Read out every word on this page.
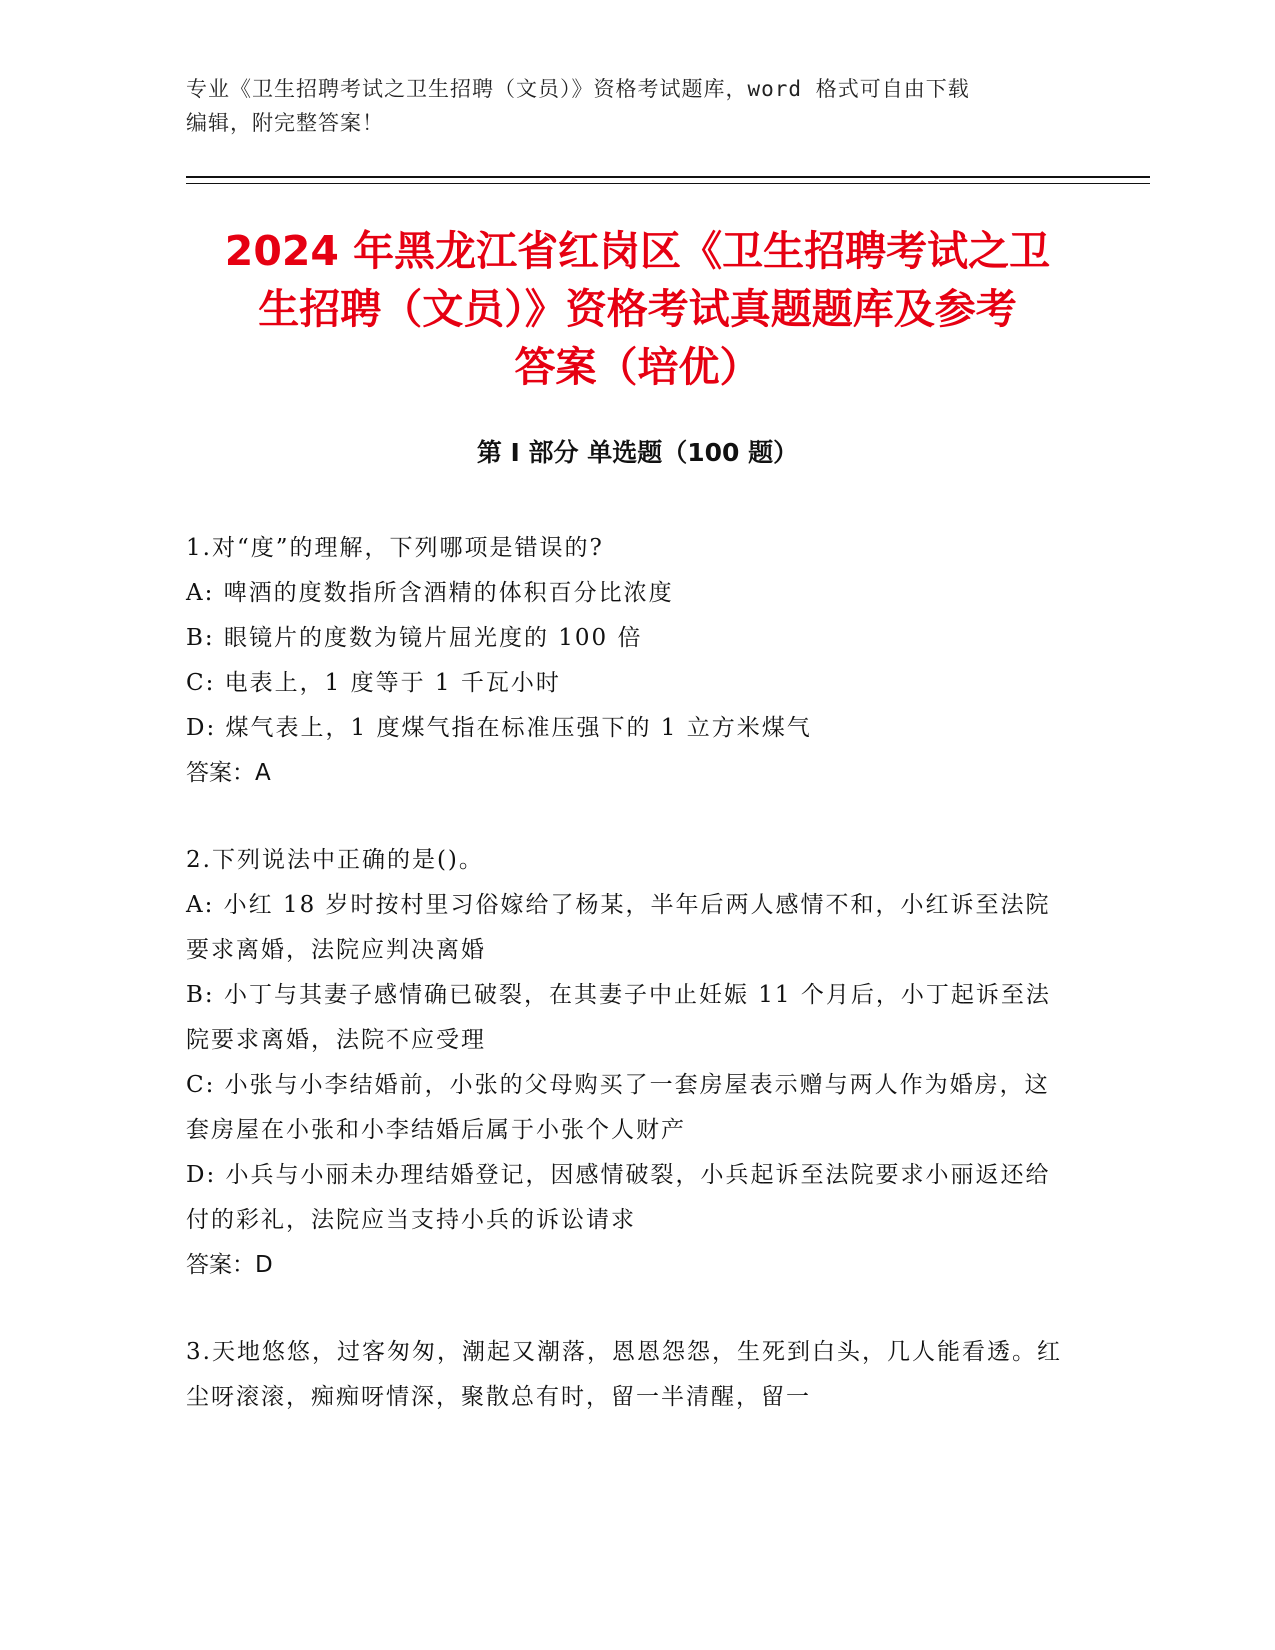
专业《卫生招聘考试之卫生招聘（文员）》资格考试题库，word 格式可自由下载
编辑，附完整答案！
2024 年黑龙江省红岗区《卫生招聘考试之卫
生招聘（文员）》资格考试真题题库及参考
答案（培优）
第 I 部分 单选题（100 题）
1.对“度”的理解，下列哪项是错误的?
A: 啤酒的度数指所含酒精的体积百分比浓度
B: 眼镜片的度数为镜片屈光度的 100 倍
C: 电表上，1 度等于 1 千瓦小时
D: 煤气表上，1 度煤气指在标准压强下的 1 立方米煤气
答案：A
2.下列说法中正确的是()。
A: 小红 18 岁时按村里习俗嫁给了杨某，半年后两人感情不和，小红诉至法院要求离婚，法院应判决离婚
B: 小丁与其妻子感情确已破裂，在其妻子中止妊娠 11 个月后，小丁起诉至法院要求离婚，法院不应受理
C: 小张与小李结婚前，小张的父母购买了一套房屋表示赠与两人作为婚房，这套房屋在小张和小李结婚后属于小张个人财产
D: 小兵与小丽未办理结婚登记，因感情破裂，小兵起诉至法院要求小丽返还给付的彩礼，法院应当支持小兵的诉讼请求
答案：D
3.天地悠悠，过客匆匆，潮起又潮落，恩恩怨怨，生死到白头，几人能看透。红尘呀滚滚，痴痴呀情深，聚散总有时，留一半清醒，留一
